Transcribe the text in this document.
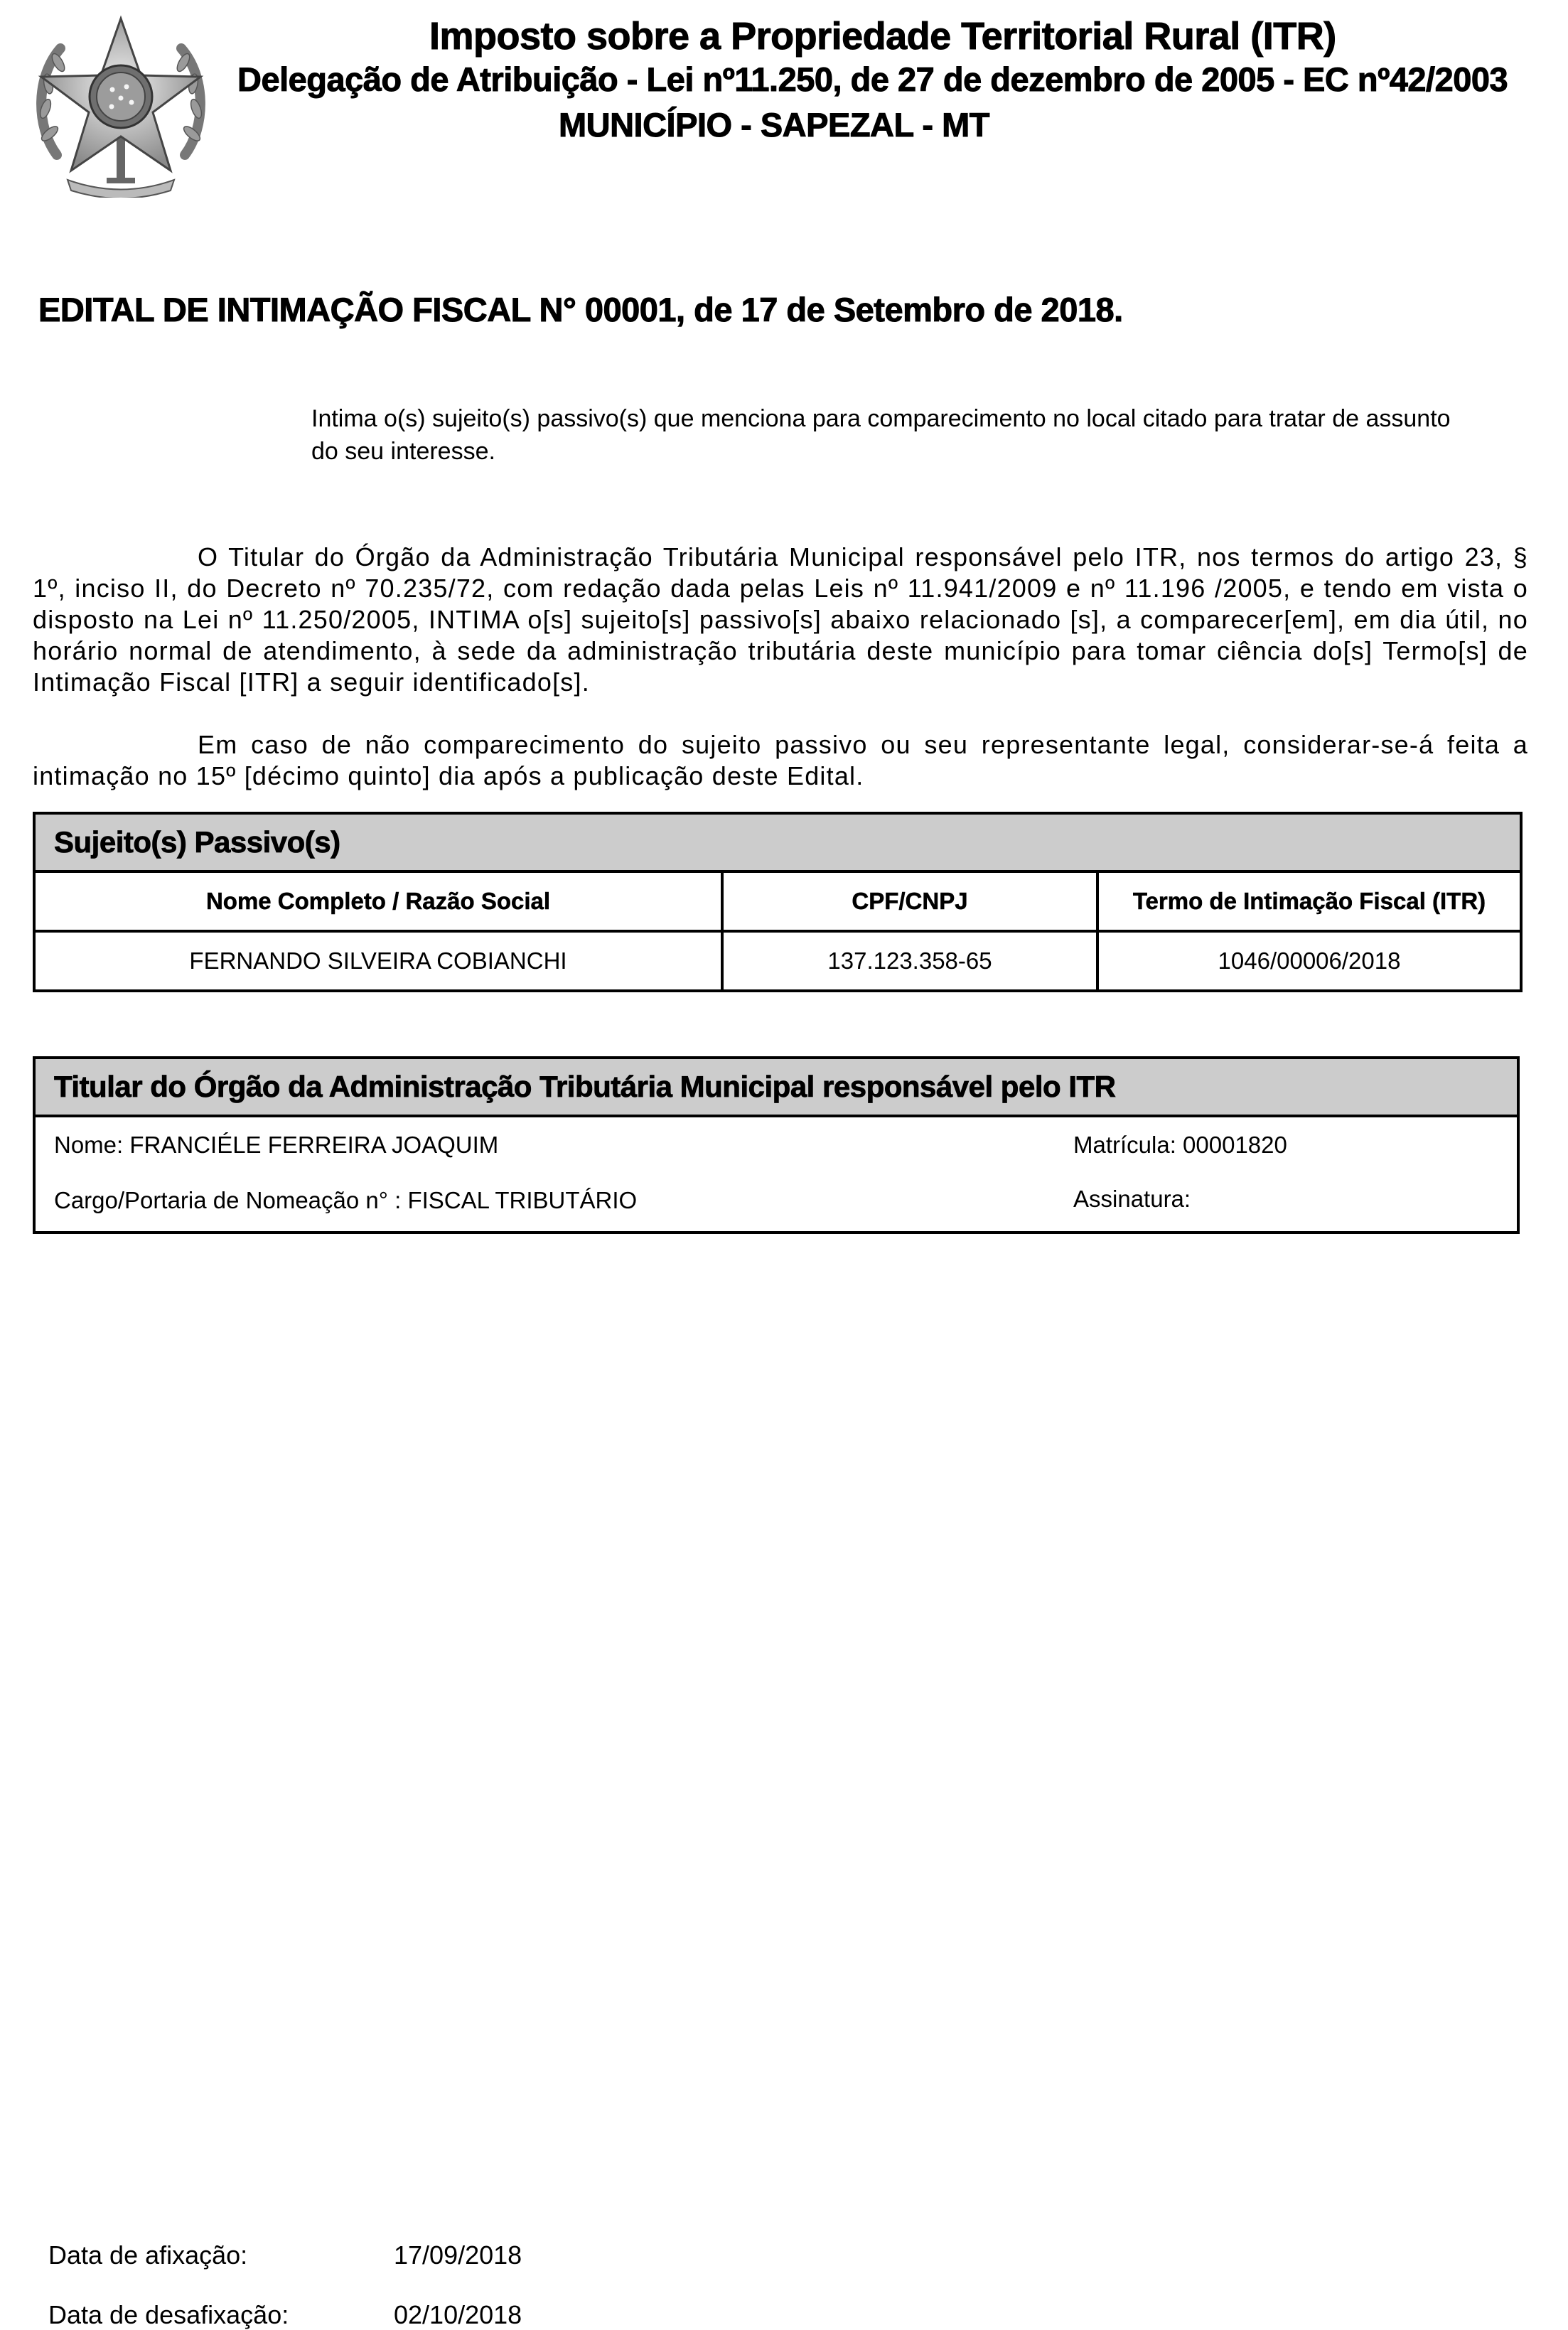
Imposto sobre a Propriedade Territorial Rural (ITR)
Delegação de Atribuição - Lei nº11.250, de 27 de dezembro de 2005 - EC nº42/2003
MUNICÍPIO - SAPEZAL - MT
EDITAL DE INTIMAÇÃO FISCAL N° 00001, de 17 de Setembro de 2018.
Intima o(s) sujeito(s) passivo(s) que menciona para comparecimento no local citado para tratar de assunto do seu interesse.
O Titular do Órgão da Administração Tributária Municipal responsável pelo ITR, nos termos do artigo 23, § 1º, inciso II, do Decreto nº 70.235/72, com redação dada pelas Leis nº 11.941/2009 e nº 11.196 /2005, e tendo em vista o disposto na Lei nº 11.250/2005, INTIMA o[s] sujeito[s] passivo[s] abaixo relacionado [s], a comparecer[em], em dia útil, no horário normal de atendimento, à sede da administração tributária deste município para tomar ciência do[s] Termo[s] de Intimação Fiscal [ITR] a seguir identificado[s].
Em caso de não comparecimento do sujeito passivo ou seu representante legal, considerar-se-á feita a intimação no 15º [décimo quinto] dia após a publicação deste Edital.
Sujeito(s) Passivo(s)		
Nome Completo / Razão Social	CPF/CNPJ	Termo de Intimação Fiscal (ITR)
FERNANDO SILVEIRA COBIANCHI	137.123.358-65	1046/00006/2018
Titular do Órgão da Administração Tributária Municipal responsável pelo ITR

Nome: FRANCIÉLE FERREIRA JOAQUIM	Matrícula: 00001820
Cargo/Portaria de Nomeação n° : FISCAL TRIBUTÁRIO	Assinatura:
Data de afixação:	17/09/2018
Data de desafixação:	02/10/2018
